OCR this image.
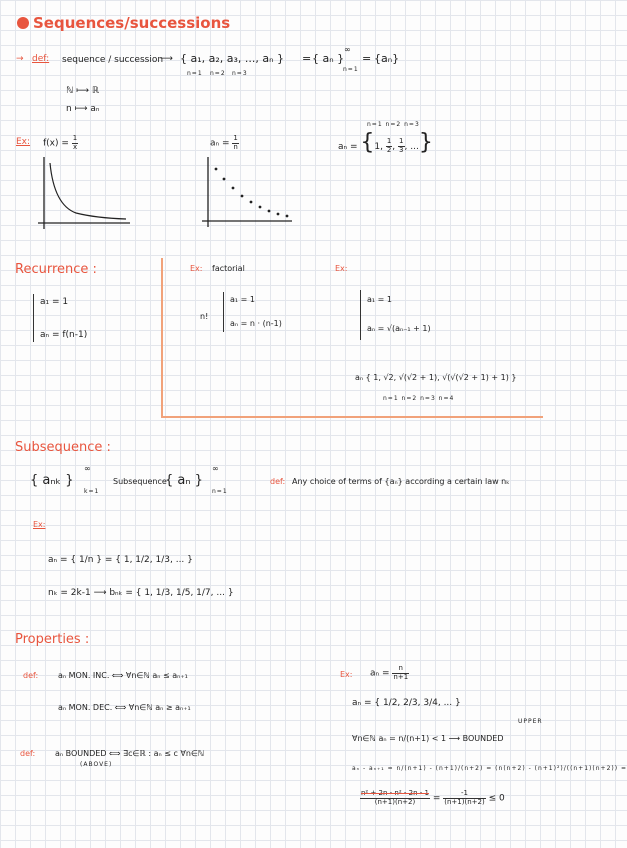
Sequences/successions
→ def: sequence / succession
⟶ { a₁, a₂, a₃, ..., aₙ } = { aₙ }
∞
n=1
= {aₙ}
n=1 n=2 n=3
ℕ ⟼ ℝ
n ⟼ aₙ
Ex: $f(x) = \frac{1}{x}$	$a_n = \frac{1}{n}$
n=1 n=2 n=3
aₙ = {1, $\frac{1}{2}$ , $\frac{1}{3}$ , ...}
Recurrence :
a₁ = 1
aₙ = f(n-1)
Ex: factorial
n!
a₁ = 1
aₙ = n · (n-1)
Ex:
a₁ = 1
aₙ = √(aₙ₋₁ + 1)
aₙ { 1, √2, √(√2 + 1), √(√(√2 + 1) + 1) }
n=1 n=2 n=3 n=4
Subsequence :
{ aₙₖ }
∞
k=1
Subsequence
{ aₙ }
∞
n=1
def: Any choice of terms of {aₙ} according a certain law nₖ
Ex:
aₙ = { 1/n } = { 1, 1/2, 1/3, ... }
nₖ = 2k-1 ⟶ bₙₖ = { 1, 1/3, 1/5, 1/7, ... }
Properties :
def: aₙ MON. INC. ⟺ ∀n∈ℕ aₙ ≤ aₙ₊₁
aₙ MON. DEC. ⟺ ∀n∈ℕ aₙ ≥ aₙ₊₁
def: aₙ BOUNDED ⟺ ∃c∈ℝ : aₙ ≤ c ∀n∈ℕ
(ABOVE)
Ex: $a_n = \frac{n}{n+1}$
aₙ = { 1/2, 2/3, 3/4, ... }
UPPER
∀n∈ℕ aₙ = n/(n+1) < 1 ⟶ BOUNDED
aₙ - aₙ₊₁ = n/(n+1) - (n+1)/(n+2) = (n(n+2) - (n+1)²)/((n+1)(n+2)) =
$\frac{\text{n² + 2n - n² - 2n - 1}}{(n+1)(n+2)} = \frac{-1}{(n+1)(n+2)} \le 0$
